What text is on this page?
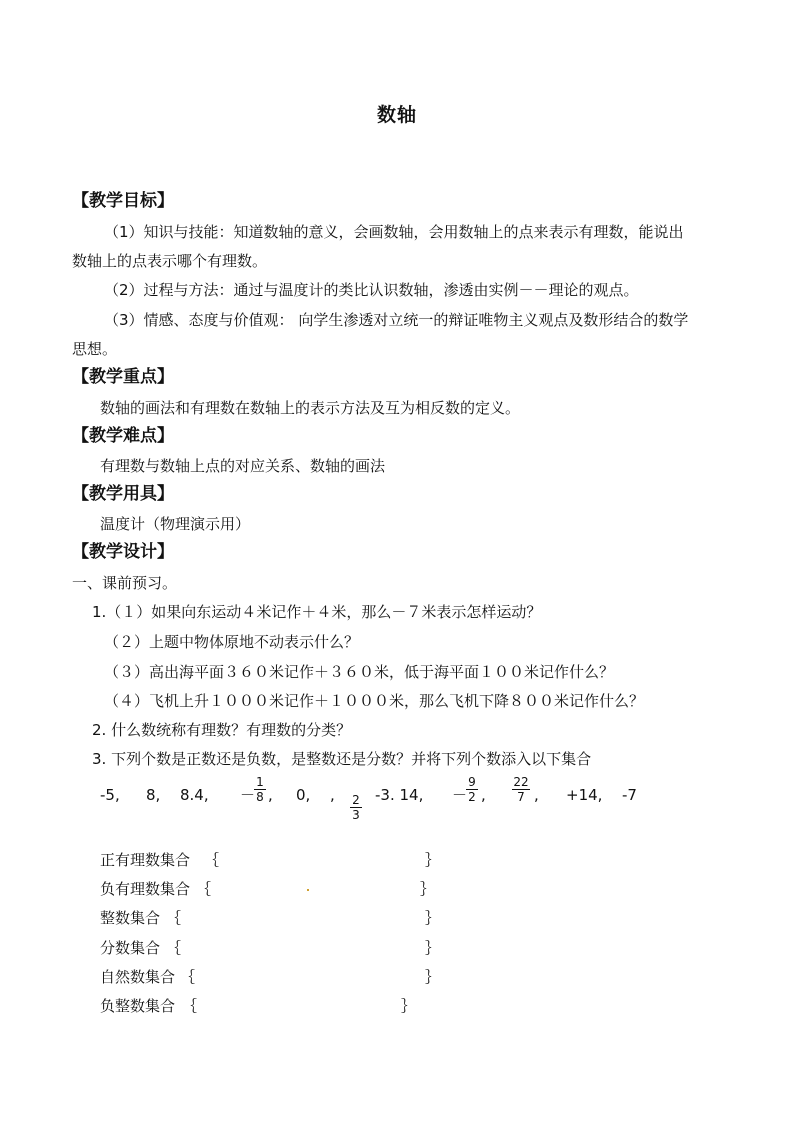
数轴
【教学目标】
（1）知识与技能：知道数轴的意义，会画数轴，会用数轴上的点来表示有理数，能说出
数轴上的点表示哪个有理数。
（2）过程与方法：通过与温度计的类比认识数轴，渗透由实例－－理论的观点。
（3）情感、态度与价值观： 向学生渗透对立统一的辩证唯物主义观点及数形结合的数学
思想。
【教学重点】
数轴的画法和有理数在数轴上的表示方法及互为相反数的定义。
【教学难点】
有理数与数轴上点的对应关系、数轴的画法
【教学用具】
温度计（物理演示用）
【教学设计】
一、课前预习。
1.（１）如果向东运动４米记作＋４米，那么－７米表示怎样运动？
（２）上题中物体原地不动表示什么？
（３）高出海平面３６０米记作＋３６０米，低于海平面１００米记作什么？
（４）飞机上升１０００米记作＋１０００米，那么飞机下降８００米记作什么？
2. 什么数统称有理数？有理数的分类？
3. 下列个数是正数还是负数，是整数还是分数？并将下列个数添入以下集合
-5, 8, 8.4, －
$\frac{1}{8}$ , 0, , $\frac{2}{3} -3$. 14, －
$\frac{9}{2}$ , $\frac{22}{7}$ , +14, -7
正有理数集合 ｛	｝
负有理数集合 ｛	｝
整数集合 ｛	｝
分数集合 ｛	｝
自然数集合 ｛	｝
负整数集合 ｛	｝
